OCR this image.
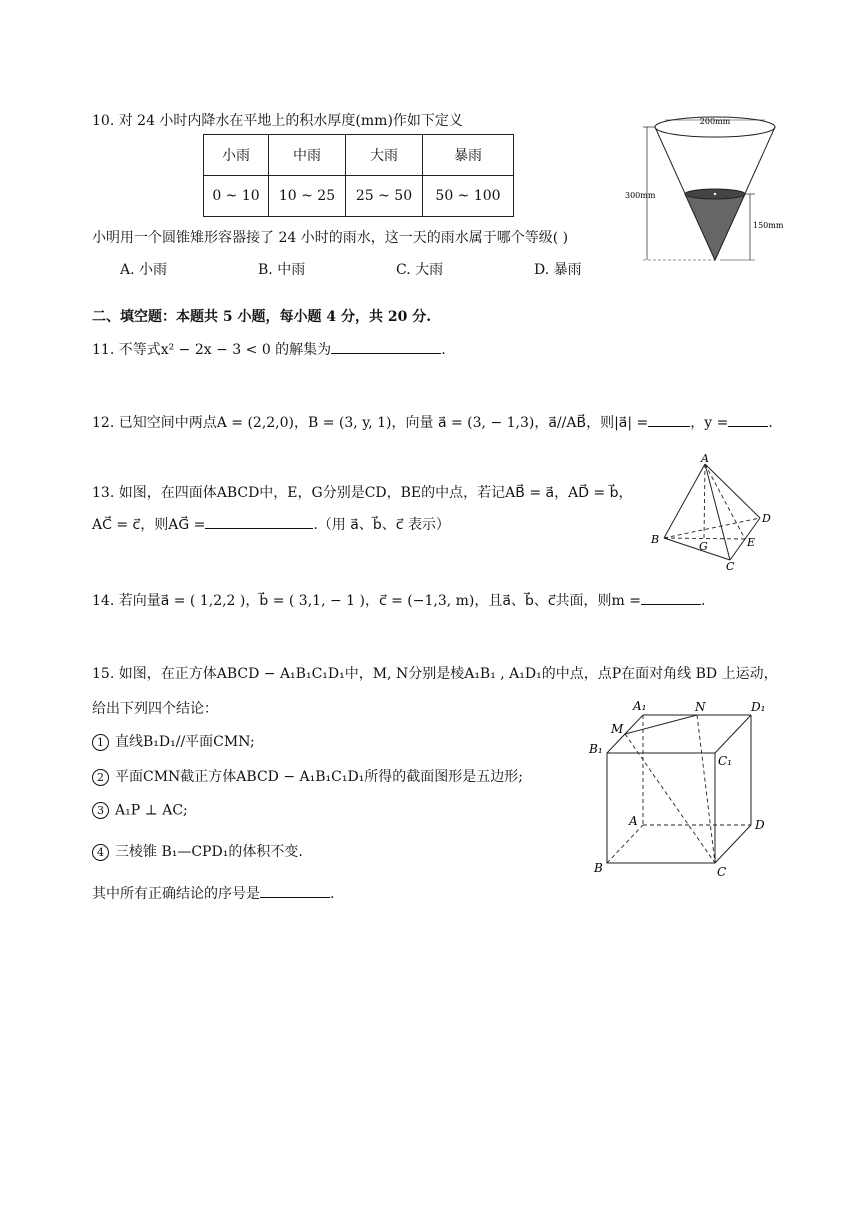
10. 对 24 小时内降水在平地上的积水厚度(mm)作如下定义
小雨	中雨	大雨	暴雨
0 ~ 10	10 ~ 25	25 ~ 50	50 ~ 100
小明用一个圆锥雉形容器接了 24 小时的雨水，这一天的雨水属于哪个等级( )
A. 小雨	B. 中雨	C. 大雨	D. 暴雨
200mm
300mm
150mm
二、填空题：本题共 5 小题，每小题 4 分，共 20 分.
11. 不等式x² − 2x − 3 < 0 的解集为	.
12. 已知空间中两点A = (2,2,0)，B = (3, y, 1)，向量 a⃗ = (3, − 1,3)，a⃗//AB⃗，则|a⃗| =	，y =	.
13. 如图，在四面体ABCD中，E，G分别是CD，BE的中点，若记AB⃗ = a⃗，AD⃗ = b⃗，
AC⃗ = c⃗，则AG⃗ =	.（用 a⃗、b⃗、c⃗ 表示）
A
B
C
D
E
G
14. 若向量a⃗ = ( 1,2,2 )，b⃗ = ( 3,1, − 1 )，c⃗ = (−1,3, m)，且a⃗、b⃗、c⃗共面，则m =	.
15. 如图，在正方体ABCD − A₁B₁C₁D₁中，M, N分别是棱A₁B₁ , A₁D₁的中点，点P在面对角线 BD 上运动，
给出下列四个结论：
1 直线B₁D₁//平面CMN;
2 平面CMN截正方体ABCD − A₁B₁C₁D₁所得的截面图形是五边形;
3 A₁P ⊥ AC;
4 三棱锥 B₁—CPD₁的体积不变.
其中所有正确结论的序号是	.
A₁	N	D₁
M
B₁
C₁
A	D
B	C
